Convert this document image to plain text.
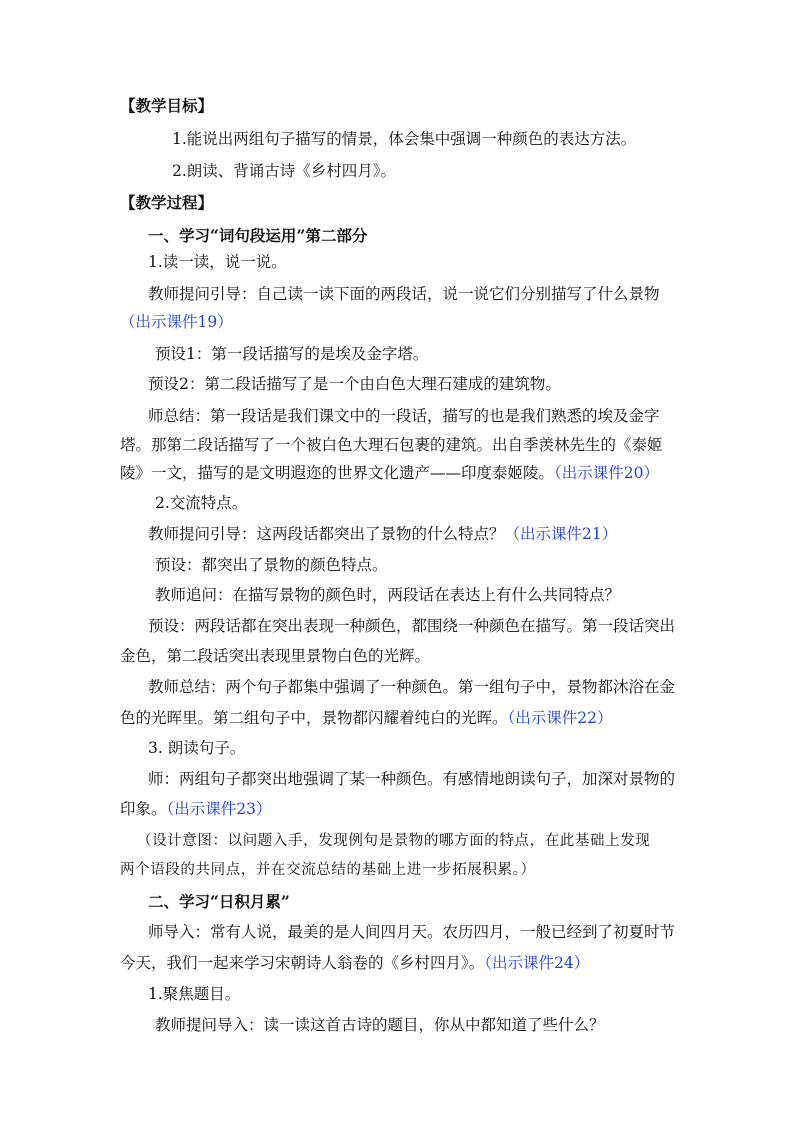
【教学目标】
1.能说出两组句子描写的情景，体会集中强调一种颜色的表达方法。
2.朗读、背诵古诗《乡村四月》。
【教学过程】
一、学习“词句段运用”第二部分
1.读一读，说一说。
教师提问引导：自己读一读下面的两段话，说一说它们分别描写了什么景物
（出示课件19）
预设1：第一段话描写的是埃及金字塔。
预设2：第二段话描写了是一个由白色大理石建成的建筑物。
师总结：第一段话是我们课文中的一段话，描写的也是我们熟悉的埃及金字
塔。那第二段话描写了一个被白色大理石包裹的建筑。出自季羡林先生的《泰姬
陵》一文，描写的是文明遐迩的世界文化遗产——印度泰姬陵。（出示课件20）
2.交流特点。
教师提问引导：这两段话都突出了景物的什么特点？（出示课件21）
预设：都突出了景物的颜色特点。
教师追问：在描写景物的颜色时，两段话在表达上有什么共同特点？
预设：两段话都在突出表现一种颜色，都围绕一种颜色在描写。第一段话突出
金色，第二段话突出表现里景物白色的光辉。
教师总结：两个句子都集中强调了一种颜色。第一组句子中，景物都沐浴在金
色的光晖里。第二组句子中，景物都闪耀着纯白的光晖。（出示课件22）
3. 朗读句子。
师：两组句子都突出地强调了某一种颜色。有感情地朗读句子，加深对景物的
印象。（出示课件23）
（设计意图：以问题入手，发现例句是景物的哪方面的特点，在此基础上发现
两个语段的共同点，并在交流总结的基础上进一步拓展积累。）
二、学习“日积月累”
师导入：常有人说，最美的是人间四月天。农历四月，一般已经到了初夏时节
今天，我们一起来学习宋朝诗人翁卷的《乡村四月》。（出示课件24）
1.聚焦题目。
教师提问导入：读一读这首古诗的题目，你从中都知道了些什么？
